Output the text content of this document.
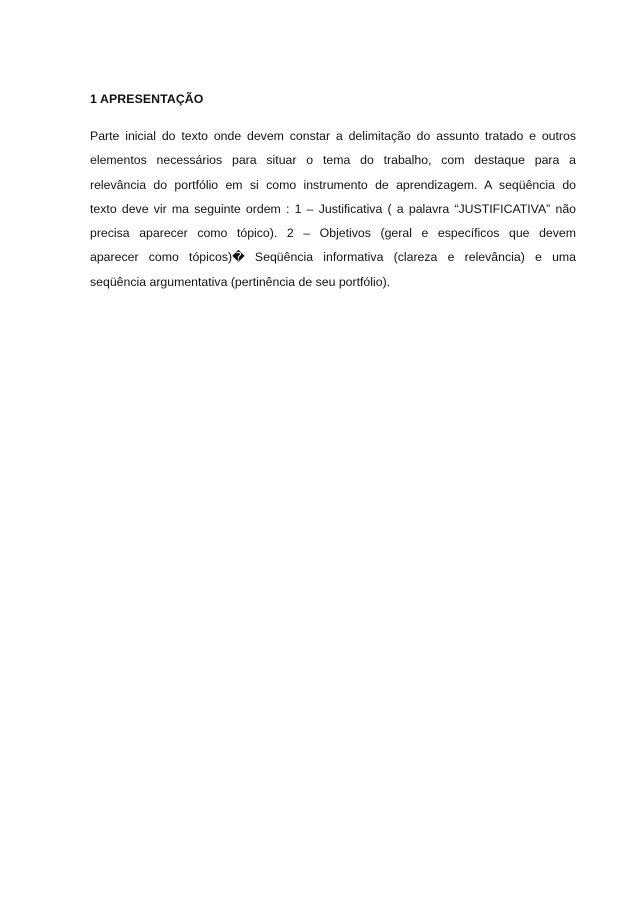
1 APRESENTAÇÃO
Parte inicial do texto onde devem constar a delimitação do assunto tratado e outros
elementos necessários para situar o tema do trabalho, com destaque para a
relevância do portfólio em si como instrumento de aprendizagem. A seqüência do
texto deve vir ma seguinte ordem : 1 – Justificativa ( a palavra “JUSTIFICATIVA” não
precisa aparecer como tópico). 2 – Objetivos (geral e específicos que devem
aparecer como tópicos)� Seqüência informativa (clareza e relevância) e uma
seqüência argumentativa (pertinência de seu portfólio).
